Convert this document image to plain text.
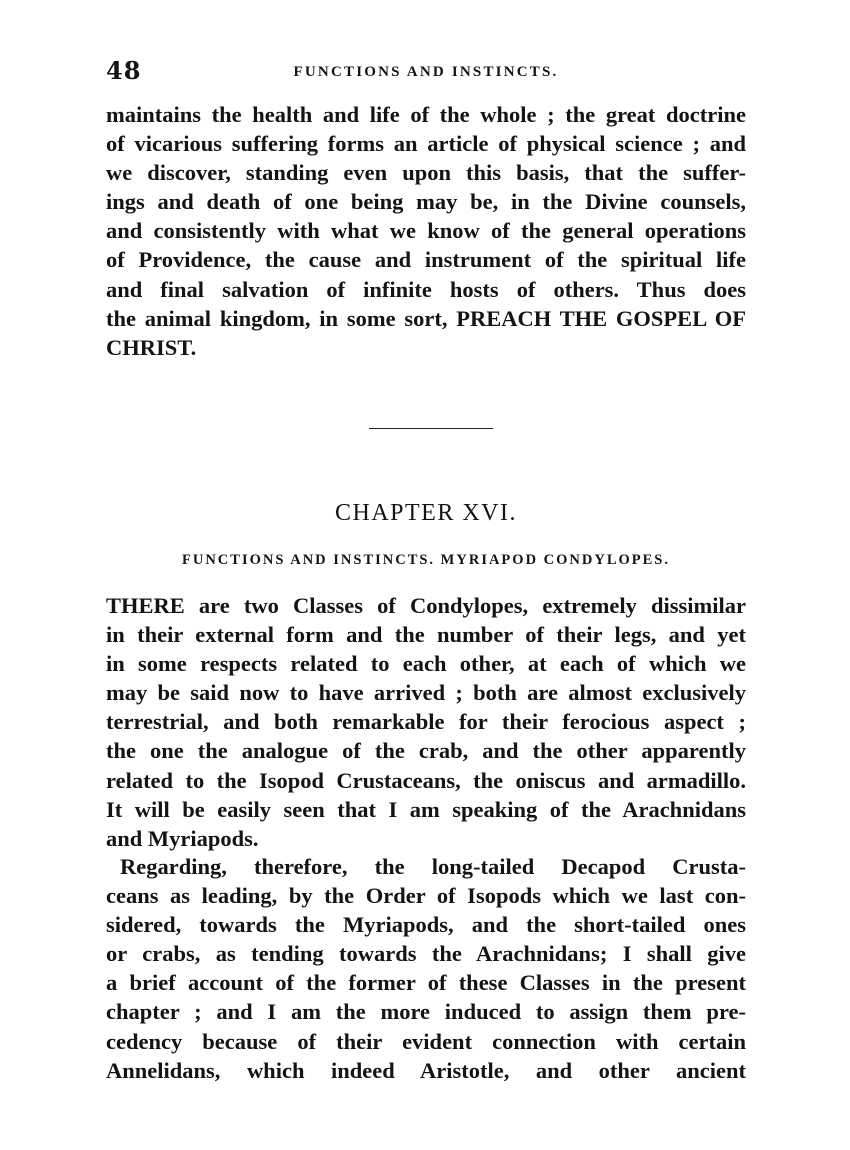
48	FUNCTIONS AND INSTINCTS.
maintains the health and life of the whole ; the great doctrine
of vicarious suffering forms an article of physical science ; and
we discover, standing even upon this basis, that the suffer-
ings and death of one being may be, in the Divine counsels,
and consistently with what we know of the general operations
of Providence, the cause and instrument of the spiritual life
and final salvation of infinite hosts of others. Thus does
the animal kingdom, in some sort, PREACH THE GOSPEL OF
CHRIST.
CHAPTER XVI.
FUNCTIONS AND INSTINCTS. MYRIAPOD CONDYLOPES.
THERE are two Classes of Condylopes, extremely dissimilar
in their external form and the number of their legs, and yet
in some respects related to each other, at each of which we
may be said now to have arrived ; both are almost exclusively
terrestrial, and both remarkable for their ferocious aspect ;
the one the analogue of the crab, and the other apparently
related to the Isopod Crustaceans, the oniscus and armadillo.
It will be easily seen that I am speaking of the Arachnidans
and Myriapods.
Regarding, therefore, the long-tailed Decapod Crusta-
ceans as leading, by the Order of Isopods which we last con-
sidered, towards the Myriapods, and the short-tailed ones
or crabs, as tending towards the Arachnidans; I shall give
a brief account of the former of these Classes in the present
chapter ; and I am the more induced to assign them pre-
cedency because of their evident connection with certain
Annelidans, which indeed Aristotle, and other ancient
